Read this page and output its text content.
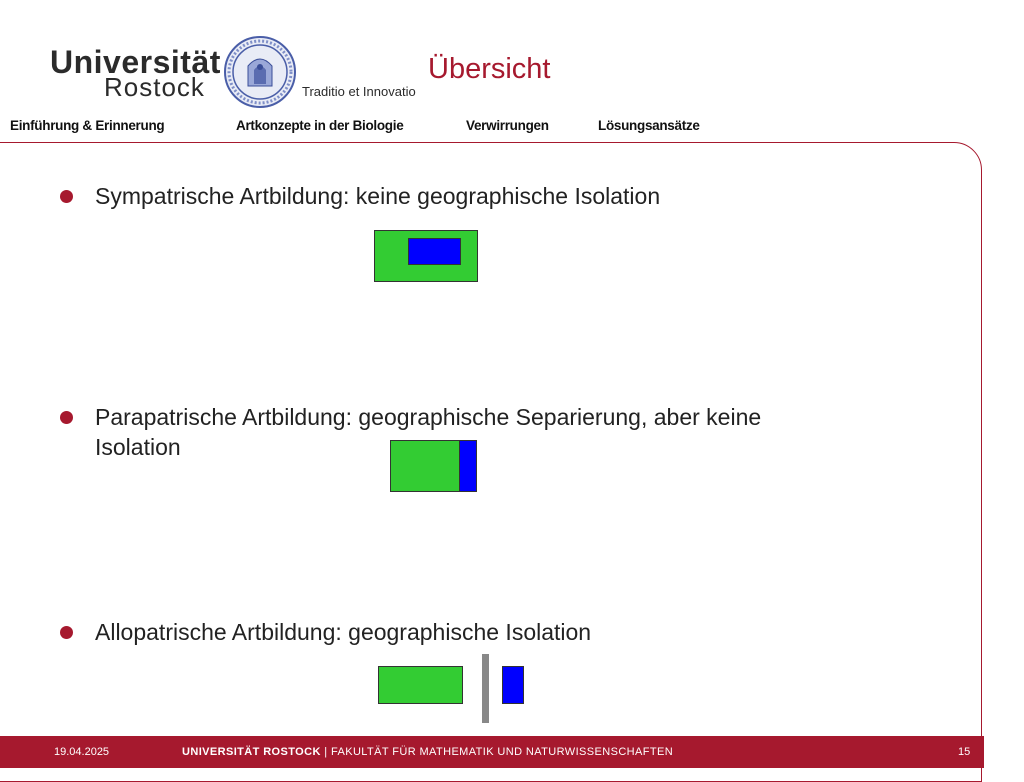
Universität
Rostock	Traditio et Innovatio
Übersicht
Einführung & Erinnerung	Artkonzepte in der Biologie	Verwirrungen	Lösungsansätze
Sympatrische Artbildung: keine geographische Isolation
Parapatrische Artbildung: geographische Separierung, aber keine
Isolation
Allopatrische Artbildung: geographische Isolation
19.04.2025	UNIVERSITÄT ROSTOCK | FAKULTÄT FÜR MATHEMATIK UND NATURWISSENSCHAFTEN	15
